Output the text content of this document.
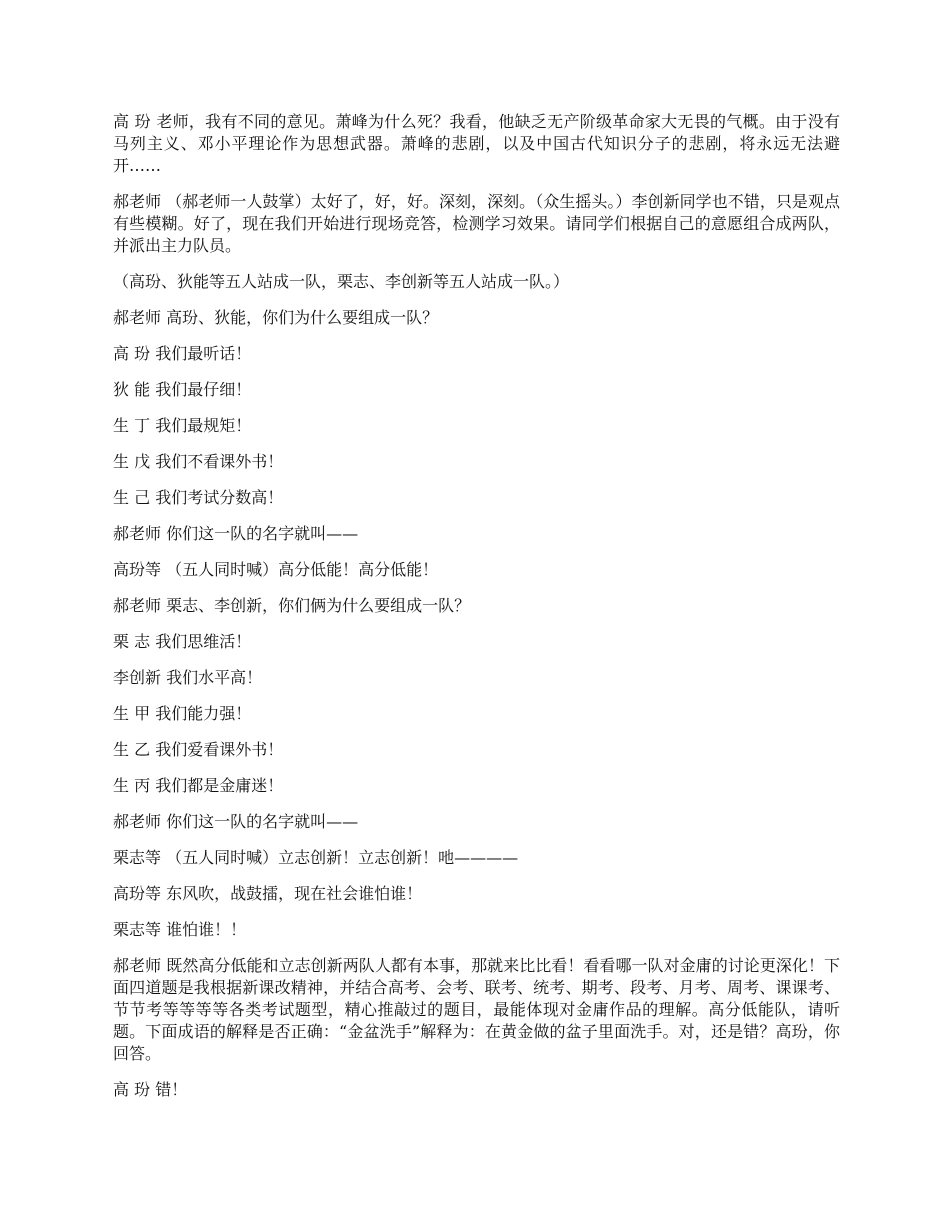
高 玢 老师，我有不同的意见。萧峰为什么死？我看，他缺乏无产阶级革命家大无畏的气概。由于没有马列主义、邓小平理论作为思想武器。萧峰的悲剧，以及中国古代知识分子的悲剧，将永远无法避开……

郝老师 （郝老师一人鼓掌）太好了，好，好。深刻，深刻。（众生摇头。）李创新同学也不错，只是观点有些模糊。好了，现在我们开始进行现场竞答，检测学习效果。请同学们根据自己的意愿组合成两队，并派出主力队员。

（高玢、狄能等五人站成一队，栗志、李创新等五人站成一队。）

郝老师 高玢、狄能，你们为什么要组成一队？

高 玢 我们最听话！

狄 能 我们最仔细！

生 丁 我们最规矩！

生 戊 我们不看课外书！

生 己 我们考试分数高！

郝老师 你们这一队的名字就叫——

高玢等 （五人同时喊）高分低能！高分低能！

郝老师 栗志、李创新，你们俩为什么要组成一队？

栗 志 我们思维活！

李创新 我们水平高！

生 甲 我们能力强！

生 乙 我们爱看课外书！

生 丙 我们都是金庸迷！

郝老师 你们这一队的名字就叫——

栗志等 （五人同时喊）立志创新！立志创新！吔————

高玢等 东风吹，战鼓擂，现在社会谁怕谁！

栗志等 谁怕谁！！

郝老师 既然高分低能和立志创新两队人都有本事，那就来比比看！看看哪一队对金庸的讨论更深化！下面四道题是我根据新课改精神，并结合高考、会考、联考、统考、期考、段考、月考、周考、课课考、节节考等等等等各类考试题型，精心推敲过的题目，最能体现对金庸作品的理解。高分低能队，请听题。下面成语的解释是否正确：“金盆洗手”解释为：在黄金做的盆子里面洗手。对，还是错？高玢，你回答。

高 玢 错！
